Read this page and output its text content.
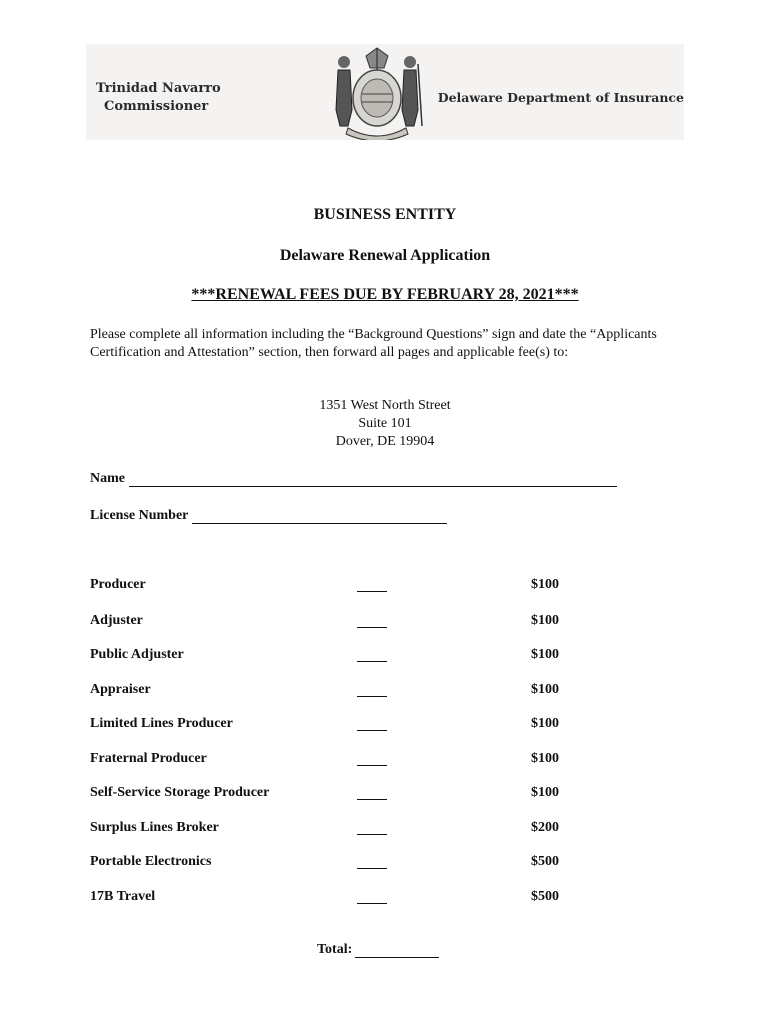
Trinidad Navarro
Commissioner
Delaware Department of Insurance
BUSINESS ENTITY
Delaware Renewal Application
***RENEWAL FEES DUE BY FEBRUARY 28, 2021***
Please complete all information including the “Background Questions” sign and date the “Applicants Certification and Attestation” section, then forward all pages and applicable fee(s) to:
1351 West North Street
Suite 101
Dover, DE 19904
Name
License Number
Producer	$100
Adjuster	$100
Public Adjuster	$100
Appraiser	$100
Limited Lines Producer	$100
Fraternal Producer	$100
Self-Service Storage Producer	$100
Surplus Lines Broker	$200
Portable Electronics	$500
17B Travel	$500
Total:
